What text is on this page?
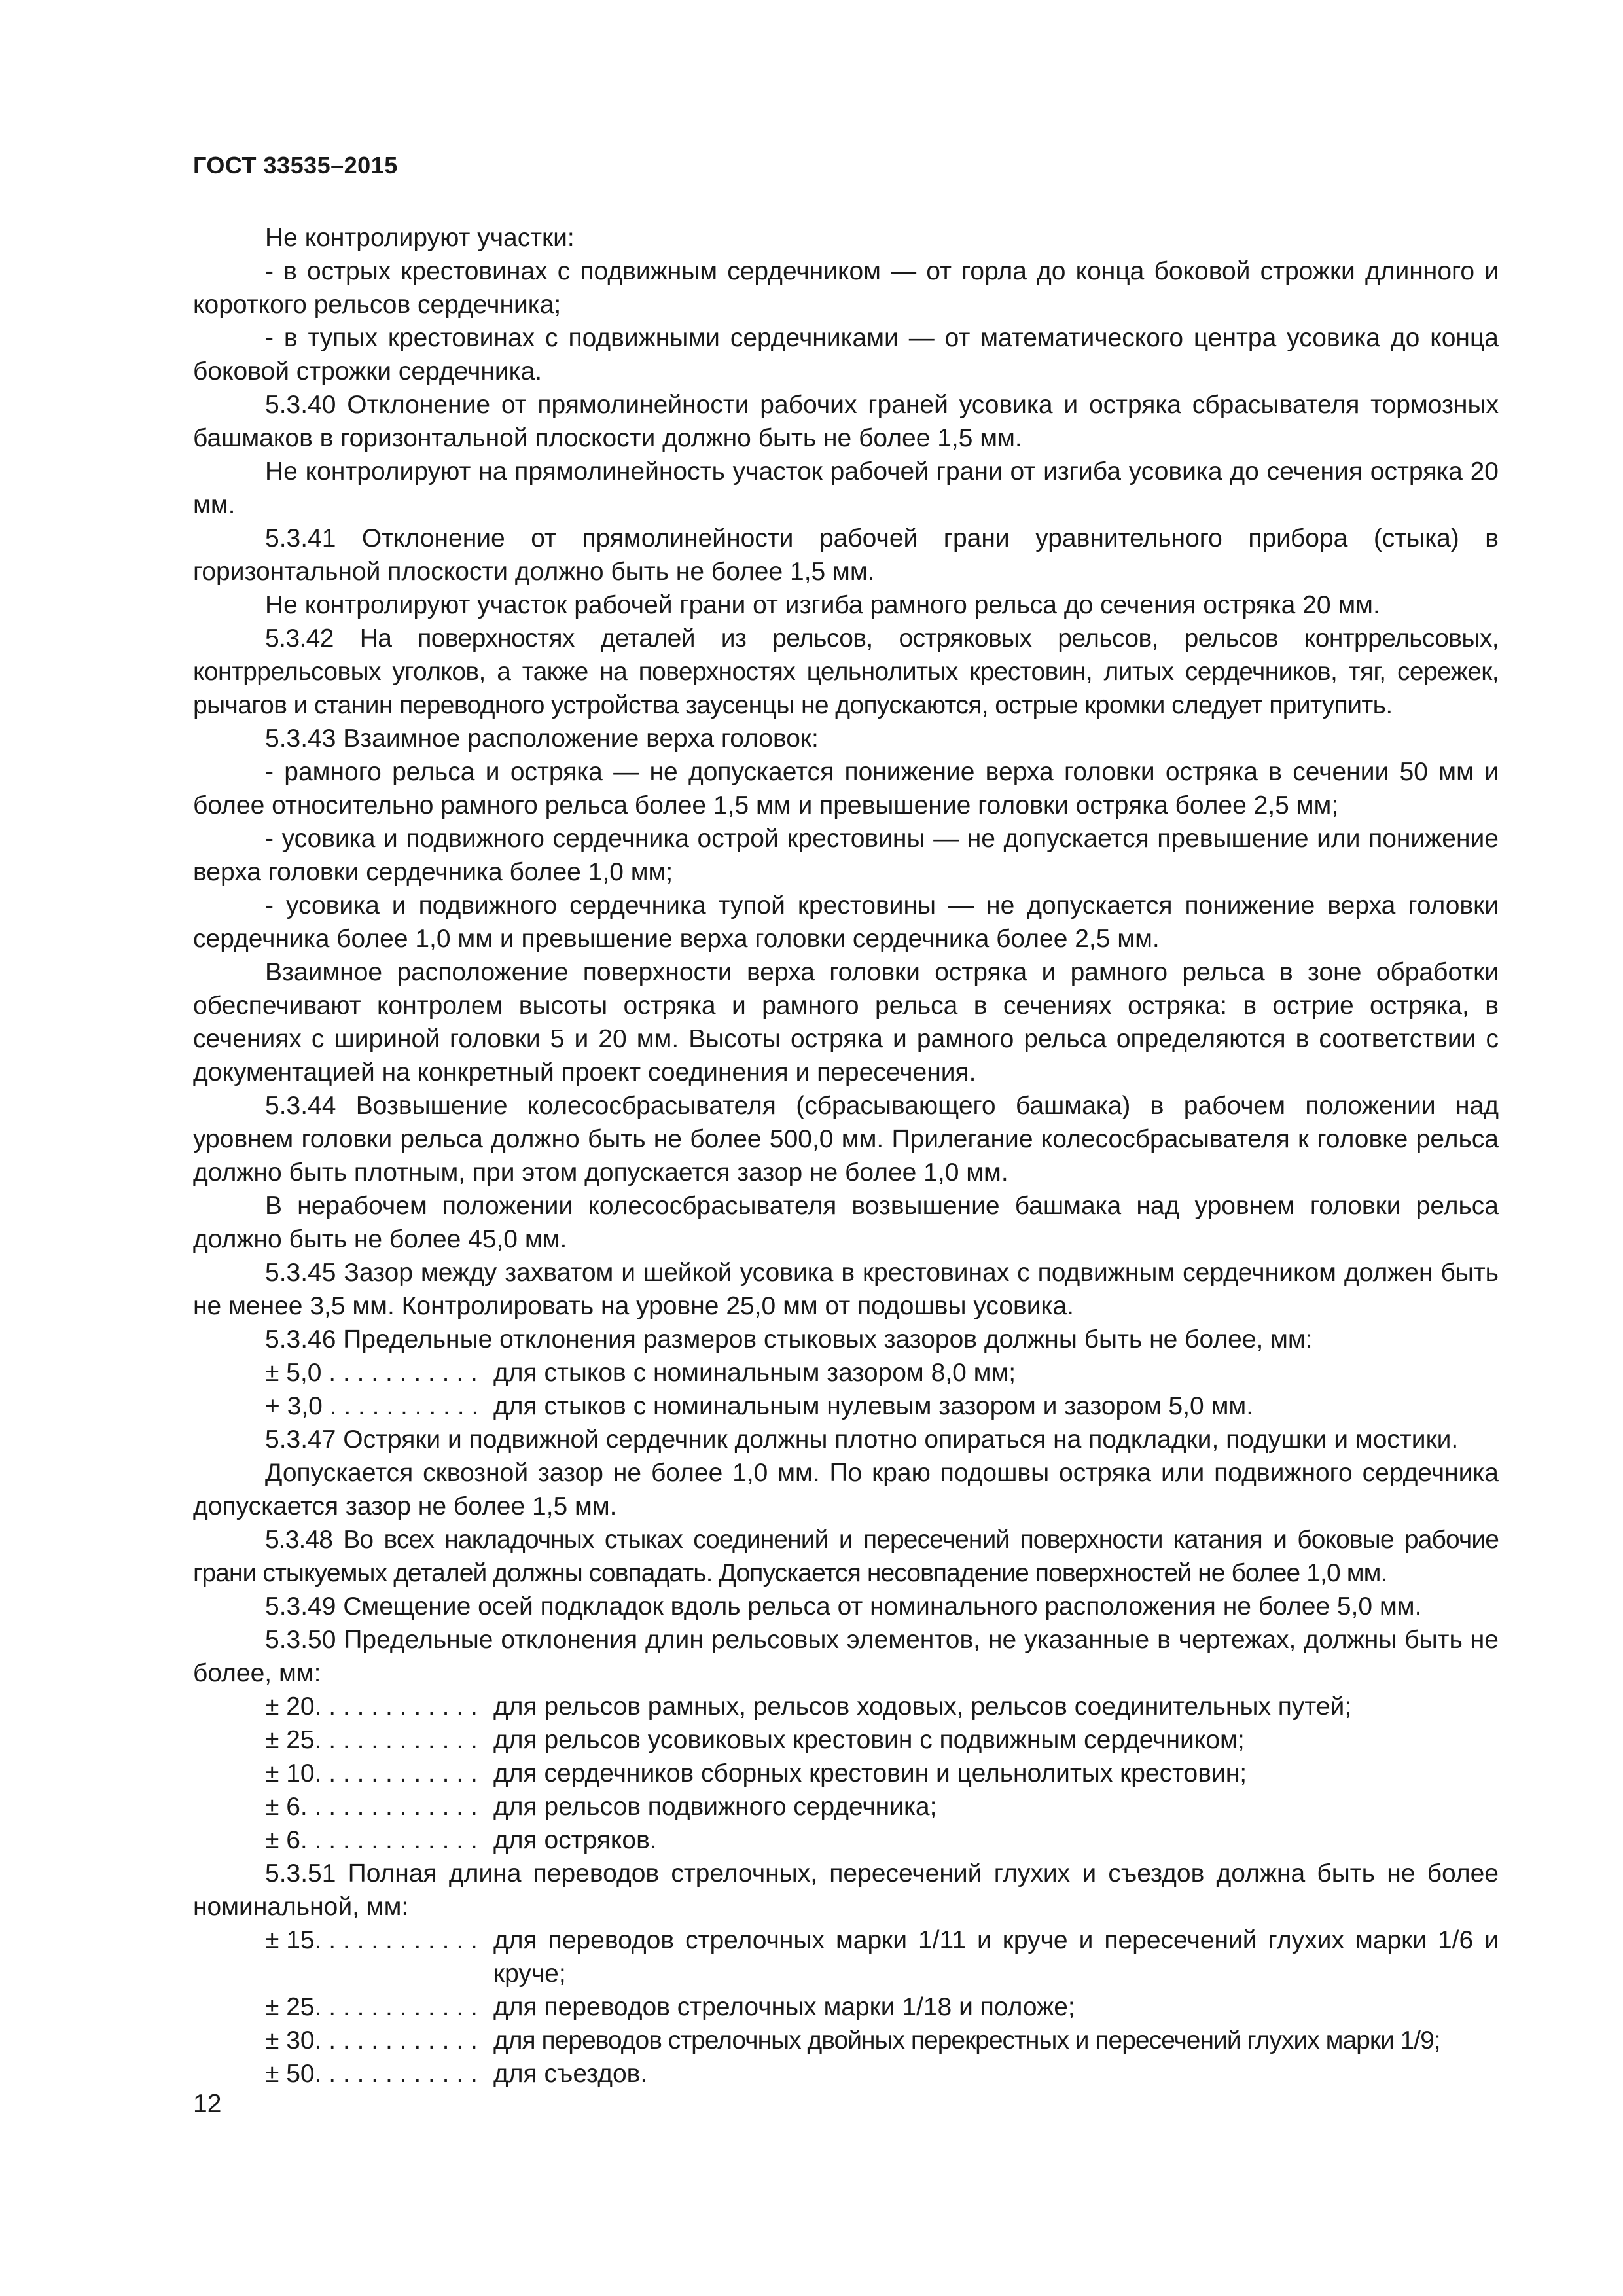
ГОСТ 33535–2015

Не контролируют участки:

- в острых крестовинах с подвижным сердечником — от горла до конца боковой строжки длинного и короткого рельсов сердечника;

- в тупых крестовинах с подвижными сердечниками — от математического центра усовика до конца боковой строжки сердечника.

5.3.40 Отклонение от прямолинейности рабочих граней усовика и остряка сбрасывателя тормозных башмаков в горизонтальной плоскости должно быть не более 1,5 мм.

Не контролируют на прямолинейность участок рабочей грани от изгиба усовика до сечения остряка 20 мм.

5.3.41 Отклонение от прямолинейности рабочей грани уравнительного прибора (стыка) в горизонтальной плоскости должно быть не более 1,5 мм.

Не контролируют участок рабочей грани от изгиба рамного рельса до сечения остряка 20 мм.

5.3.42 На поверхностях деталей из рельсов, остряковых рельсов, рельсов контррельсовых, контррельсовых уголков, а также на поверхностях цельнолитых крестовин, литых сердечников, тяг, сережек, рычагов и станин переводного устройства заусенцы не допускаются, острые кромки следует притупить.

5.3.43 Взаимное расположение верха головок:

- рамного рельса и остряка — не допускается понижение верха головки остряка в сечении 50 мм и более относительно рамного рельса более 1,5 мм и превышение головки остряка более 2,5 мм;

- усовика и подвижного сердечника острой крестовины — не допускается превышение или понижение верха головки сердечника более 1,0 мм;

- усовика и подвижного сердечника тупой крестовины — не допускается понижение верха головки сердечника более 1,0 мм и превышение верха головки сердечника более 2,5 мм.

Взаимное расположение поверхности верха головки остряка и рамного рельса в зоне обработки обеспечивают контролем высоты остряка и рамного рельса в сечениях остряка: в острие остряка, в сечениях с шириной головки 5 и 20 мм. Высоты остряка и рамного рельса определяются в соответствии с документацией на конкретный проект соединения и пересечения.

5.3.44 Возвышение колесосбрасывателя (сбрасывающего башмака) в рабочем положении над уровнем головки рельса должно быть не более 500,0 мм. Прилегание колесосбрасывателя к головке рельса должно быть плотным, при этом допускается зазор не более 1,0 мм.

В нерабочем положении колесосбрасывателя возвышение башмака над уровнем головки рельса должно быть не более 45,0 мм.

5.3.45 Зазор между захватом и шейкой усовика в крестовинах с подвижным сердечником должен быть не менее 3,5 мм. Контролировать на уровне 25,0 мм от подошвы усовика.

5.3.46 Предельные отклонения размеров стыковых зазоров должны быть не более, мм:

± 5,0 . . . . . . . . . . . для стыков с номинальным зазором 8,0 мм;
+ 3,0 . . . . . . . . . . . для стыков с номинальным нулевым зазором и зазором 5,0 мм.

5.3.47 Остряки и подвижной сердечник должны плотно опираться на подкладки, подушки и мостики.

Допускается сквозной зазор не более 1,0 мм. По краю подошвы остряка или подвижного сердечника допускается зазор не более 1,5 мм.

5.3.48 Во всех накладочных стыках соединений и пересечений поверхности катания и боковые рабочие грани стыкуемых деталей должны совпадать. Допускается несовпадение поверхностей не более 1,0 мм.

5.3.49 Смещение осей подкладок вдоль рельса от номинального расположения не более 5,0 мм.

5.3.50 Предельные отклонения длин рельсовых элементов, не указанные в чертежах, должны быть не более, мм:

± 20. . . . . . . . . . . . для рельсов рамных, рельсов ходовых, рельсов соединительных путей;
± 25. . . . . . . . . . . . для рельсов усовиковых крестовин с подвижным сердечником;
± 10. . . . . . . . . . . . для сердечников сборных крестовин и цельнолитых крестовин;
± 6. . . . . . . . . . . . . для рельсов подвижного сердечника;
± 6. . . . . . . . . . . . . для остряков.

5.3.51 Полная длина переводов стрелочных, пересечений глухих и съездов должна быть не более номинальной, мм:

± 15. . . . . . . . . . . . для переводов стрелочных марки 1/11 и круче и пересечений глухих марки 1/6 и круче;
± 25. . . . . . . . . . . . для переводов стрелочных марки 1/18 и положе;
± 30. . . . . . . . . . . . для переводов стрелочных двойных перекрестных и пересечений глухих марки 1/9;
± 50. . . . . . . . . . . . для съездов.
12
